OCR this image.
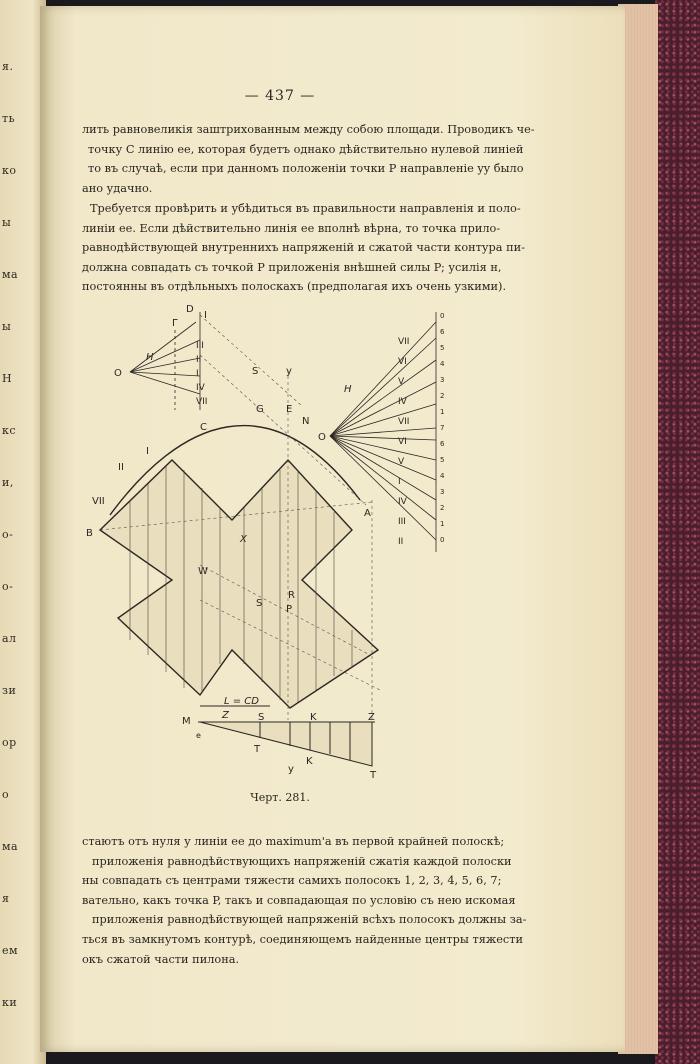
я.
ть
ко
ы
ма
ы
Н
кс
и,
о-
о-
ал
зи
ор
о
ма
я
ем
ки
— 437 —
лить равновеликія заштрихованным между собою площади. Проводикъ че-
точку C линію ее, которая будетъ однако дѣйствительно нулевой линіей
то въ случаѣ, если при данномъ положеніи точки P направленіе yy было
ано удачно.
Требуется провѣрить и убѣдиться въ правильности направленія и поло-
линіи ее. Если дѣйствительно линія ее вполнѣ вѣрна, то точка прило-
равнодѣйствующей внутреннихъ напряженій и сжатой части контура пи-
должна совпадать съ точкой P приложенія внѣшней силы P; усилія н,
постоянны въ отдѣльныхъ полоскахъ (предполагая ихъ очень узкими).
Черт. 281.
стаютъ отъ нуля у линіи ее до maximum'а въ первой крайней полоскѣ;
приложенія равнодѣйствующихъ напряженій сжатія каждой полоски
ны совпадать съ центрами тяжести самихъ полосокъ 1, 2, 3, 4, 5, 6, 7;
вательно, какъ точка P, такъ и совпадающая по условію съ нею искомая
приложенія равнодѣйствующей напряженій всѣхъ полосокъ должны за-
ться въ замкнутомъ контурѣ, соединяющемъ найденные центры тяжести
окъ сжатой части пилона.
D
I
Г
H
O	S	y
E
N
G
C
O
H
I
II
VII
B
A
X
W
S
R
P
M
L = CD
Z	S	K	Z
T
y
K
T
e
VII
VI
V
IV
VII
VI
V
I
IV
III
II
III
II
I
IV
VII
0
6
5
4
3
2
1
7
6
5
4
3
2
1
0
